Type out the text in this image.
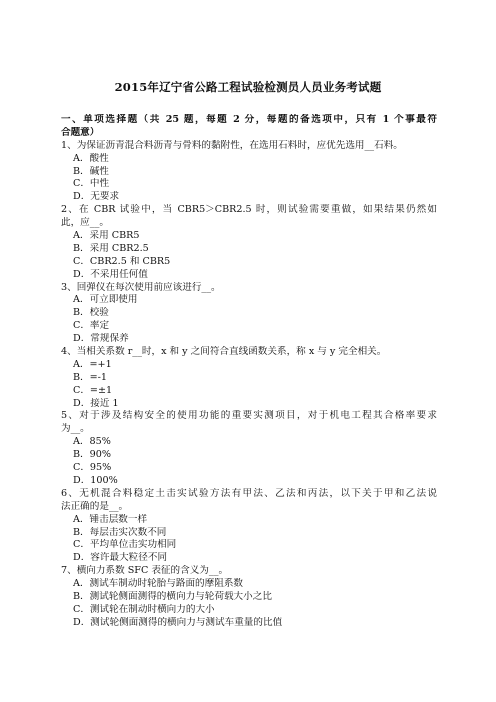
2015年辽宁省公路工程试验检测员人员业务考试题
一、单项选择题（共 25 题，每题 2 分，每题的备选项中，只有 1 个事最符
合题意）
1、为保证沥青混合料沥青与骨料的黏附性，在选用石料时，应优先选用__石料。
A．酸性
B．碱性
C．中性
D．无要求
2、在 CBR 试验中，当 CBR5＞CBR2.5 时，则试验需要重做，如果结果仍然如
此，应__。
A．采用 CBR5
B．采用 CBR2.5
C．CBR2.5 和 CBR5
D．不采用任何值
3、回弹仪在每次使用前应该进行__。
A．可立即使用
B．校验
C．率定
D．常规保养
4、当相关系数 r__时，x 和 y 之间符合直线函数关系，称 x 与 y 完全相关。
A．=+1
B．=-1
C．=±1
D．接近 1
5、对于涉及结构安全的使用功能的重要实测项目，对于机电工程其合格率要求
为__。
A．85%
B．90%
C．95%
D．100%
6、无机混合料稳定土击实试验方法有甲法、乙法和丙法，以下关于甲和乙法说
法正确的是__。
A．锤击层数一样
B．每层击实次数不同
C．平均单位击实功相同
D．容许最大粒径不同
7、横向力系数 SFC 表征的含义为__。
A．测试车制动时轮胎与路面的摩阻系数
B．测试轮侧面测得的横向力与轮荷载大小之比
C．测试轮在制动时横向力的大小
D．测试轮侧面测得的横向力与测试车重量的比值
